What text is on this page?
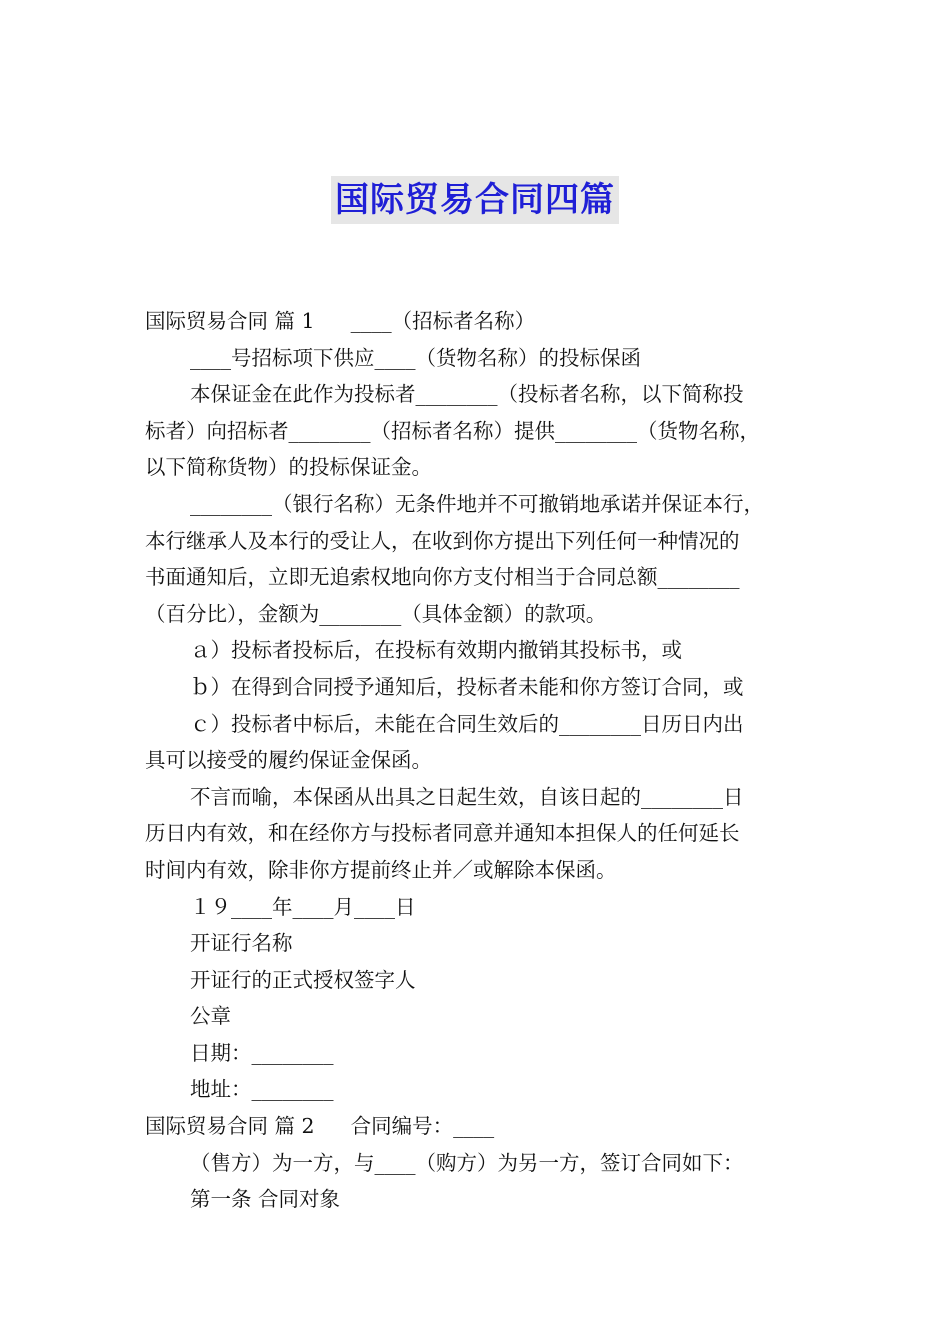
国际贸易合同四篇
国际贸易合同 篇 1 ____（招标者名称）
____号招标项下供应____（货物名称）的投标保函
本保证金在此作为投标者________（投标者名称，以下简称投
标者）向招标者________（招标者名称）提供________（货物名称，
以下简称货物）的投标保证金。
________（银行名称）无条件地并不可撤销地承诺并保证本行，
本行继承人及本行的受让人，在收到你方提出下列任何一种情况的
书面通知后，立即无追索权地向你方支付相当于合同总额________
（百分比），金额为________（具体金额）的款项。
ａ）投标者投标后，在投标有效期内撤销其投标书，或
ｂ）在得到合同授予通知后，投标者未能和你方签订合同，或
ｃ）投标者中标后，未能在合同生效后的________日历日内出
具可以接受的履约保证金保函。
不言而喻，本保函从出具之日起生效，自该日起的________日
历日内有效，和在经你方与投标者同意并通知本担保人的任何延长
时间内有效，除非你方提前终止并／或解除本保函。
１９____年____月____日
开证行名称
开证行的正式授权签字人
公章
日期：________
地址：________
国际贸易合同 篇 2 合同编号：____
（售方）为一方，与____（购方）为另一方，签订合同如下：
第一条 合同对象
